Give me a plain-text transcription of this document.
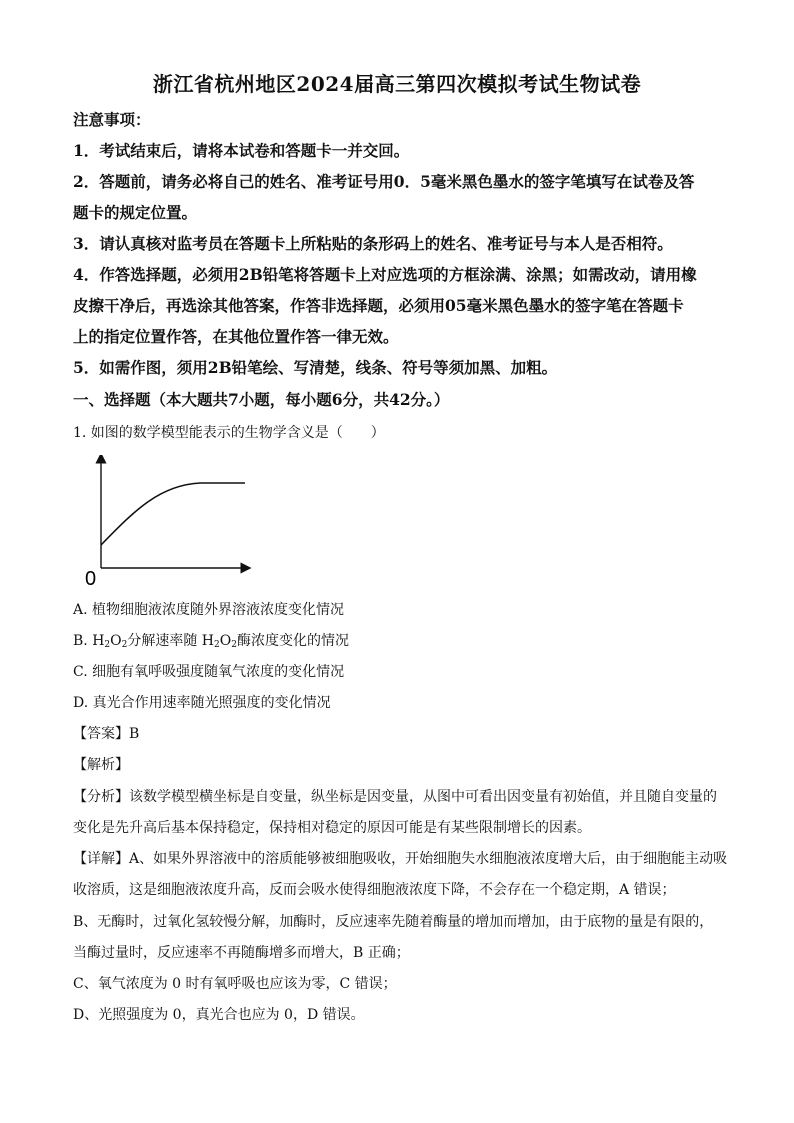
浙江省杭州地区2024届高三第四次模拟考试生物试卷
注意事项：
1．考试结束后，请将本试卷和答题卡一并交回。
2．答题前，请务必将自己的姓名、准考证号用0．5毫米黑色墨水的签字笔填写在试卷及答
题卡的规定位置。
3．请认真核对监考员在答题卡上所粘贴的条形码上的姓名、准考证号与本人是否相符。
4．作答选择题，必须用2B铅笔将答题卡上对应选项的方框涂满、涂黑；如需改动，请用橡
皮擦干净后，再选涂其他答案，作答非选择题，必须用05毫米黑色墨水的签字笔在答题卡
上的指定位置作答，在其他位置作答一律无效。
5．如需作图，须用2B铅笔绘、写清楚，线条、符号等须加黑、加粗。
一、选择题（本大题共7小题，每小题6分，共42分。）
1. 如图的数学模型能表示的生物学含义是（　　）
0
A. 植物细胞液浓度随外界溶液浓度变化情况
B. $H_2O_2$分解速率随 $H_2O_2$酶浓度变化的情况
C. 细胞有氧呼吸强度随氧气浓度的变化情况
D. 真光合作用速率随光照强度的变化情况
【答案】B
【解析】
【分析】该数学模型横坐标是自变量，纵坐标是因变量，从图中可看出因变量有初始值，并且随自变量的
变化是先升高后基本保持稳定，保持相对稳定的原因可能是有某些限制增长的因素。
【详解】A、如果外界溶液中的溶质能够被细胞吸收，开始细胞失水细胞液浓度增大后，由于细胞能主动吸
收溶质，这是细胞液浓度升高，反而会吸水使得细胞液浓度下降，不会存在一个稳定期，A 错误；
B、无酶时，过氧化氢较慢分解，加酶时，反应速率先随着酶量的增加而增加，由于底物的量是有限的，
当酶过量时，反应速率不再随酶增多而增大，B 正确；
C、氧气浓度为 0 时有氧呼吸也应该为零，C 错误；
D、光照强度为 0，真光合也应为 0，D 错误。
